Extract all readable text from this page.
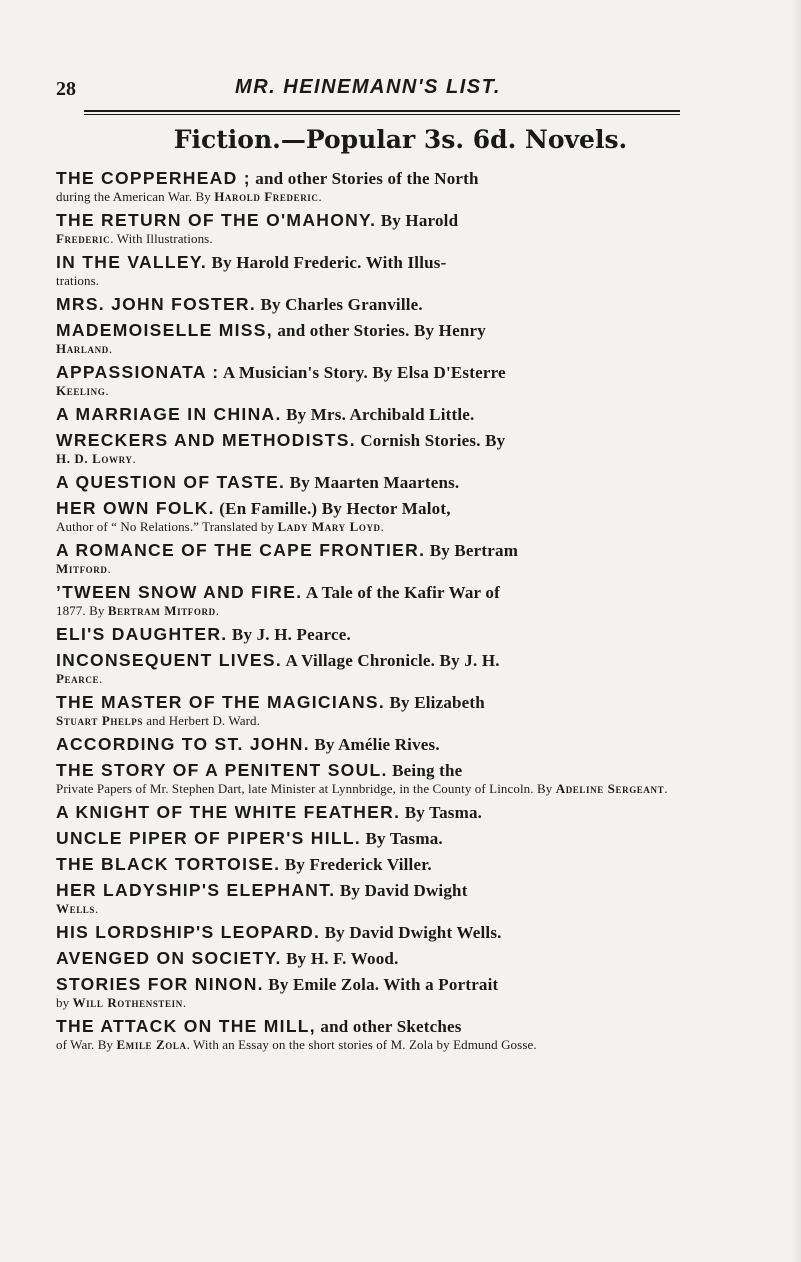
28	MR. HEINEMANN'S LIST.
Fiction.—Popular 3s. 6d. Novels.
THE COPPERHEAD ; and other Stories of the North
during the American War. By Harold Frederic.
THE RETURN OF THE O'MAHONY. By Harold
Frederic. With Illustrations.
IN THE VALLEY. By Harold Frederic. With Illus-
trations.
MRS. JOHN FOSTER. By Charles Granville.
MADEMOISELLE MISS, and other Stories. By Henry
Harland.
APPASSIONATA : A Musician's Story. By Elsa D'Esterre
Keeling.
A MARRIAGE IN CHINA. By Mrs. Archibald Little.
WRECKERS AND METHODISTS. Cornish Stories. By
H. D. Lowry.
A QUESTION OF TASTE. By Maarten Maartens.
HER OWN FOLK. (En Famille.) By Hector Malot,
Author of “ No Relations.” Translated by Lady Mary Loyd.
A ROMANCE OF THE CAPE FRONTIER. By Bertram
Mitford.
’TWEEN SNOW AND FIRE. A Tale of the Kafir War of
1877. By Bertram Mitford.
ELI'S DAUGHTER. By J. H. Pearce.
INCONSEQUENT LIVES. A Village Chronicle. By J. H.
Pearce.
THE MASTER OF THE MAGICIANS. By Elizabeth
Stuart Phelps and Herbert D. Ward.
ACCORDING TO ST. JOHN. By Amélie Rives.
THE STORY OF A PENITENT SOUL. Being the
Private Papers of Mr. Stephen Dart, late Minister at Lynnbridge, in the County of Lincoln. By Adeline Sergeant.
A KNIGHT OF THE WHITE FEATHER. By Tasma.
UNCLE PIPER OF PIPER'S HILL. By Tasma.
THE BLACK TORTOISE. By Frederick Viller.
HER LADYSHIP'S ELEPHANT. By David Dwight
Wells.
HIS LORDSHIP'S LEOPARD. By David Dwight Wells.
AVENGED ON SOCIETY. By H. F. Wood.
STORIES FOR NINON. By Emile Zola. With a Portrait
by Will Rothenstein.
THE ATTACK ON THE MILL, and other Sketches
of War. By Emile Zola. With an Essay on the short stories of M. Zola by Edmund Gosse.
